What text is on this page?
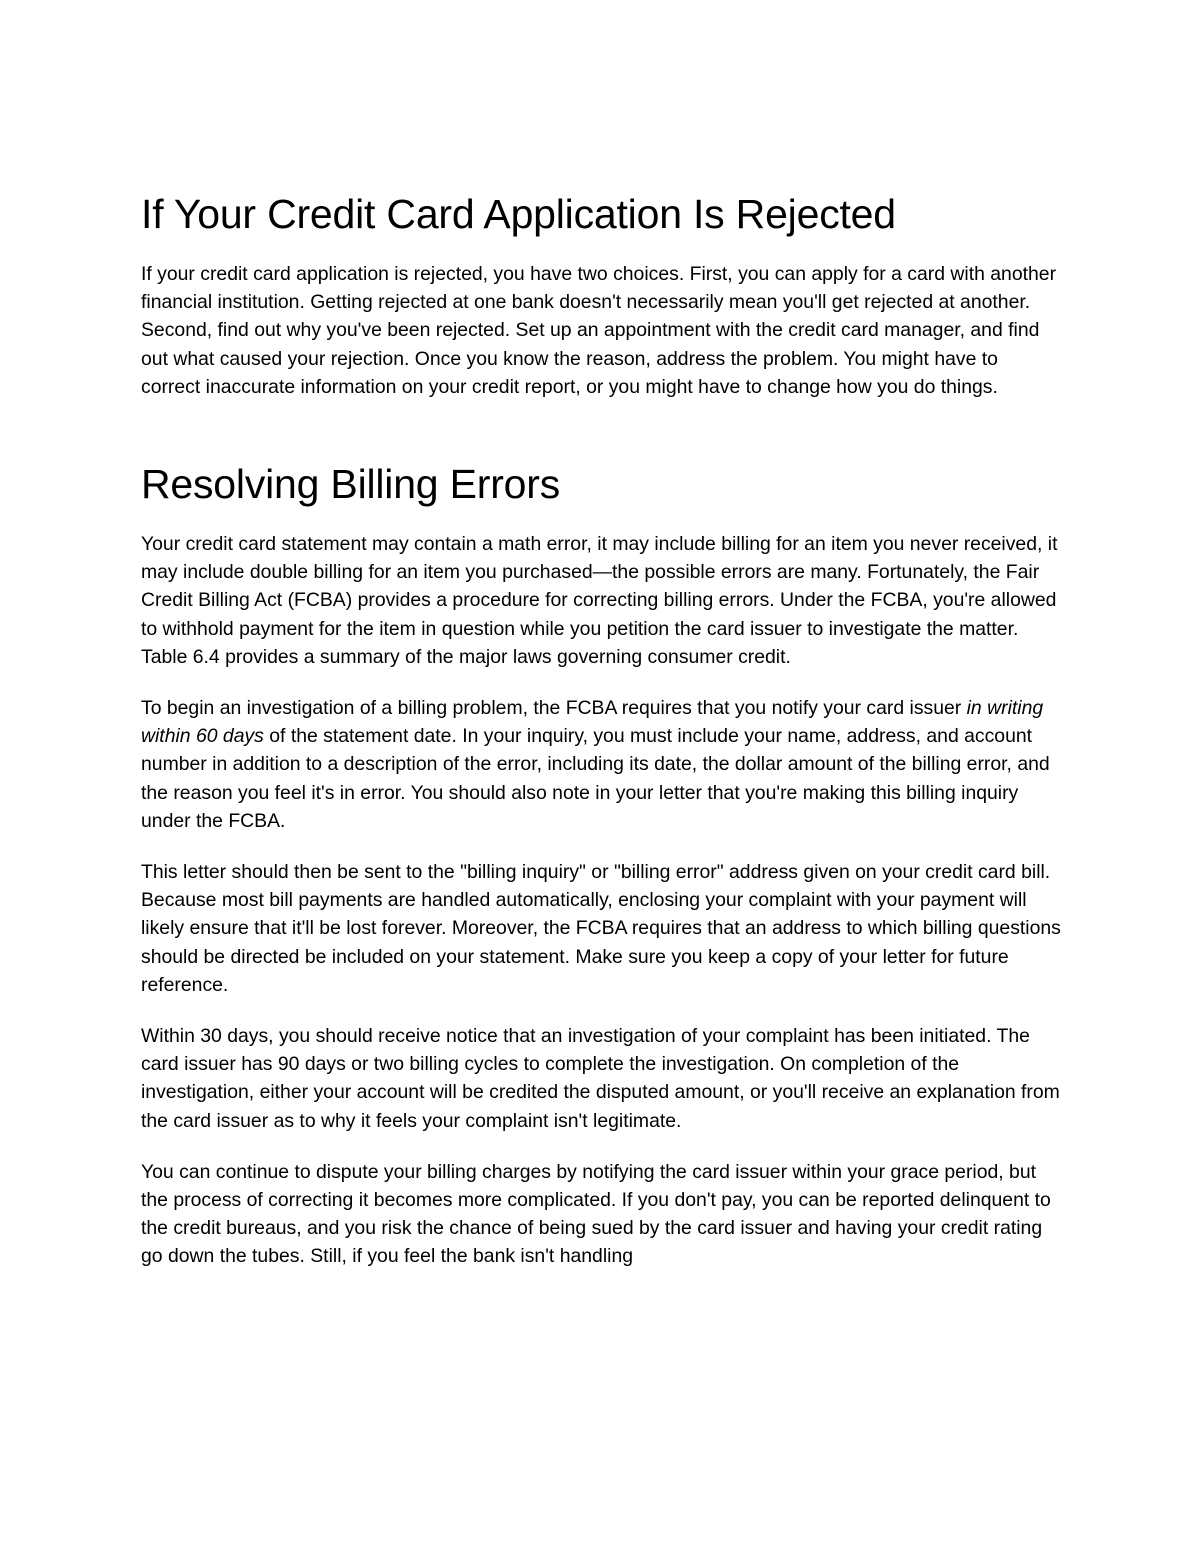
If Your Credit Card Application Is Rejected

If your credit card application is rejected, you have two choices. First, you can apply for a card with another financial institution. Getting rejected at one bank doesn't necessarily mean you'll get rejected at another. Second, find out why you've been rejected. Set up an appointment with the credit card manager, and find out what caused your rejection. Once you know the reason, address the problem. You might have to correct inaccurate information on your credit report, or you might have to change how you do things.

Resolving Billing Errors

Your credit card statement may contain a math error, it may include billing for an item you never received, it may include double billing for an item you purchased—the possible errors are many. Fortunately, the Fair Credit Billing Act (FCBA) provides a procedure for correcting billing errors. Under the FCBA, you're allowed to withhold payment for the item in question while you petition the card issuer to investigate the matter. Table 6.4 provides a summary of the major laws governing consumer credit.

To begin an investigation of a billing problem, the FCBA requires that you notify your card issuer in writing within 60 days of the statement date. In your inquiry, you must include your name, address, and account number in addition to a description of the error, including its date, the dollar amount of the billing error, and the reason you feel it's in error. You should also note in your letter that you're making this billing inquiry under the FCBA.

This letter should then be sent to the "billing inquiry" or "billing error" address given on your credit card bill. Because most bill payments are handled automatically, enclosing your complaint with your payment will likely ensure that it'll be lost forever. Moreover, the FCBA requires that an address to which billing questions should be directed be included on your statement. Make sure you keep a copy of your letter for future reference.

Within 30 days, you should receive notice that an investigation of your complaint has been initiated. The card issuer has 90 days or two billing cycles to complete the investigation. On completion of the investigation, either your account will be credited the disputed amount, or you'll receive an explanation from the card issuer as to why it feels your complaint isn't legitimate.

You can continue to dispute your billing charges by notifying the card issuer within your grace period, but the process of correcting it becomes more complicated. If you don't pay, you can be reported delinquent to the credit bureaus, and you risk the chance of being sued by the card issuer and having your credit rating go down the tubes. Still, if you feel the bank isn't handling
